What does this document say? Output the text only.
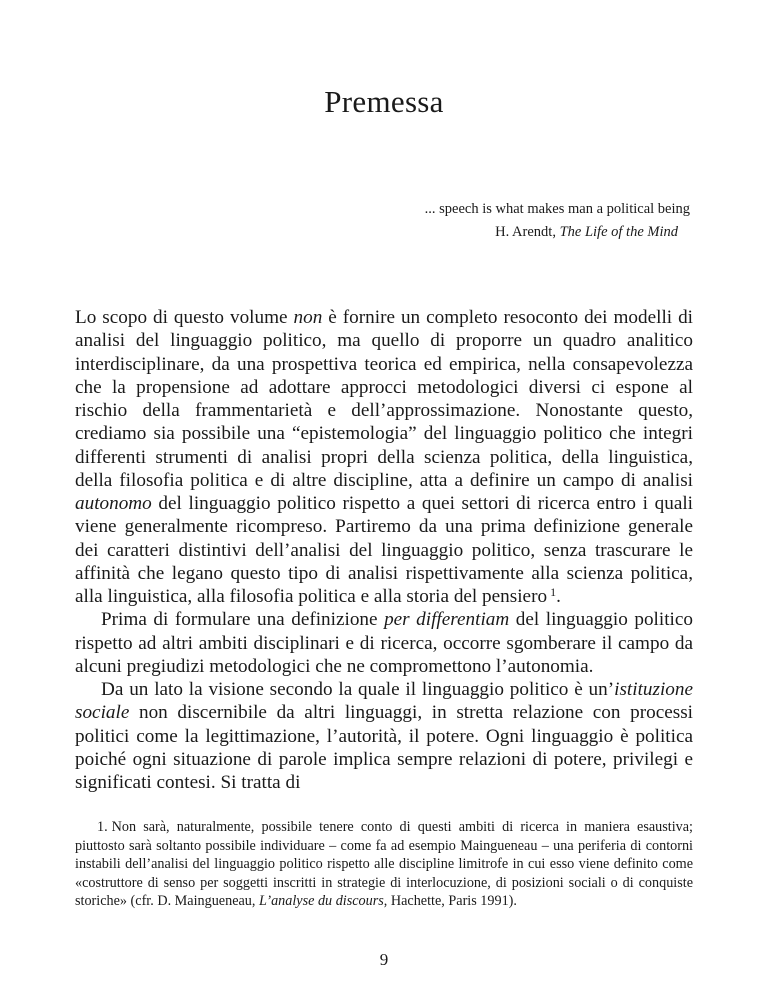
Premessa
... speech is what makes man a political being
H. Arendt, The Life of the Mind

Lo scopo di questo volume non è fornire un completo resoconto dei modelli di analisi del linguaggio politico, ma quello di proporre un quadro analitico interdisciplinare, da una prospettiva teorica ed empirica, nella consapevolezza che la propensione ad adottare approcci metodologici diversi ci espone al rischio della frammentarietà e dell’approssimazione. Nonostante questo, crediamo sia possibile una “epistemologia” del linguaggio politico che integri differenti strumenti di analisi propri della scienza politica, della linguistica, della filosofia politica e di altre discipline, atta a definire un campo di analisi autonomo del linguaggio politico rispetto a quei settori di ricerca entro i quali viene generalmente ricompreso. Partiremo da una prima definizione generale dei caratteri distintivi dell’analisi del linguaggio politico, senza trascurare le affinità che legano questo tipo di analisi rispettivamente alla scienza politica, alla linguistica, alla filosofia politica e alla storia del pensiero $^1$.

Prima di formulare una definizione per differentiam del linguaggio politico rispetto ad altri ambiti disciplinari e di ricerca, occorre sgomberare il campo da alcuni pregiudizi metodologici che ne compromettono l’autonomia.

Da un lato la visione secondo la quale il linguaggio politico è un’istituzione sociale non discernibile da altri linguaggi, in stretta relazione con processi politici come la legittimazione, l’autorità, il potere. Ogni linguaggio è politica poiché ogni situazione di parole implica sempre relazioni di potere, privilegi e significati contesi. Si tratta di

1. Non sarà, naturalmente, possibile tenere conto di questi ambiti di ricerca in maniera esaustiva; piuttosto sarà soltanto possibile individuare – come fa ad esempio Maingueneau – una periferia di contorni instabili dell’analisi del linguaggio politico rispetto alle discipline limitrofe in cui esso viene definito come «costruttore di senso per soggetti inscritti in strategie di interlocuzione, di posizioni sociali o di conquiste storiche» (cfr. D. Maingueneau, L’analyse du discours, Hachette, Paris 1991).
9
